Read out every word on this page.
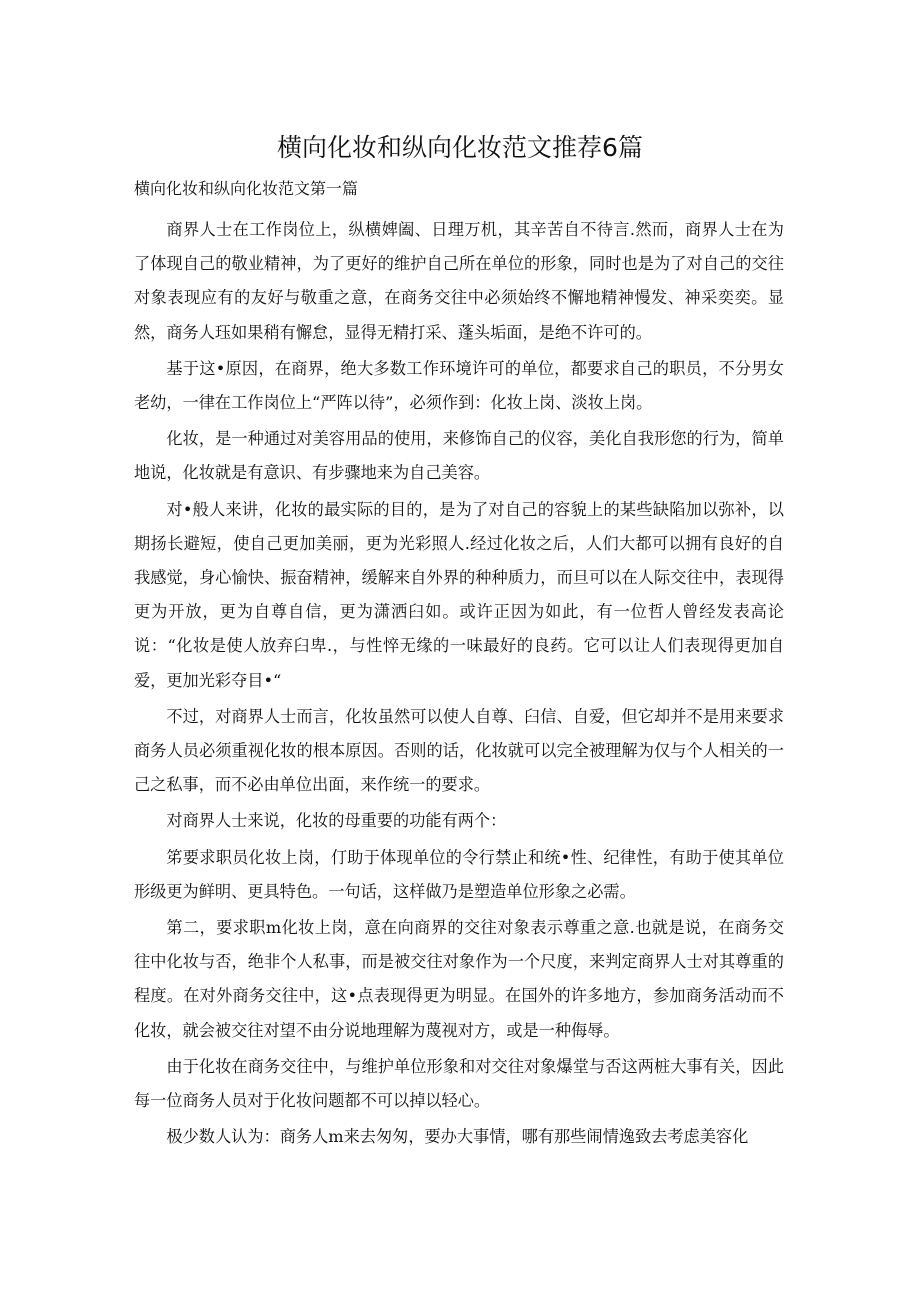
横向化妆和纵向化妆范文推荐6篇
横向化妆和纵向化妆范文第一篇

商界人士在工作岗位上，纵横婢阖、日理万机，其辛苦自不待言.然而，商界人士在为了体现自己的敬业精神，为了更好的维护自己所在单位的形象，同时也是为了对自己的交往对象表现应有的友好与敬重之意，在商务交往中必须始终不懈地精神慢发、神采奕奕。显然，商务人珏如果稍有懈怠，显得无精打采、蓬头垢面，是绝不许可的。

基于这•原因，在商界，绝大多数工作环境许可的单位，都要求自己的职员，不分男女老幼，一律在工作岗位上“严阵以待”，必须作到：化妆上岗、淡妆上岗。

化妆，是一种通过对美容用品的使用，来修饰自己的仪容，美化自我形您的行为，简单地说，化妆就是有意识、有步骤地来为自己美容。

对•般人来讲，化妆的最实际的目的，是为了对自己的容貌上的某些缺陷加以弥补，以期扬长避短，使自己更加美丽，更为光彩照人.经过化妆之后，人们大都可以拥有良好的自我感觉，身心愉快、振奋精神，缓解来自外界的种种质力，而旦可以在人际交往中，表现得更为开放，更为自尊自信，更为潇洒臼如。或许正因为如此，有一位哲人曾经发表高论说：“化妆是使人放弃臼卑.，与性悴无缘的一味最好的良药。它可以让人们表现得更加自爱，更加光彩夺目•“

不过，对商界人士而言，化妆虽然可以使人自尊、臼信、自爱，但它却并不是用来要求商务人员必须重视化妆的根本原因。否则的话，化妆就可以完全被理解为仅与个人相关的一己之私事，而不必由单位出面，来作统一的要求。

对商界人士来说，化妆的母重要的功能有两个：

笫要求职员化妆上岗，仃助于体现单位的令行禁止和统•性、纪律性，有助于使其单位形级更为鲜明、更具特色。一句话，这样做乃是塑造单位形象之必需。

第二，要求职m化妆上岗，意在向商界的交往对象表示尊重之意.也就是说，在商务交往中化妆与否，绝非个人私事，而是被交往对象作为一个尺度，来判定商界人士对其尊重的程度。在对外商务交往中，这•点表现得更为明显。在国外的许多地方，参加商务活动而不化妆，就会被交往对望不由分说地理解为蔑视对方，或是一种侮辱。

由于化妆在商务交往中，与维护单位形象和对交往对象爆堂与否这两桩大事有关，因此每一位商务人员对于化妆问题都不可以掉以轻心。

极少数人认为：商务人m来去匆匆，要办大事情，哪有那些闹情逸致去考虑美容化
